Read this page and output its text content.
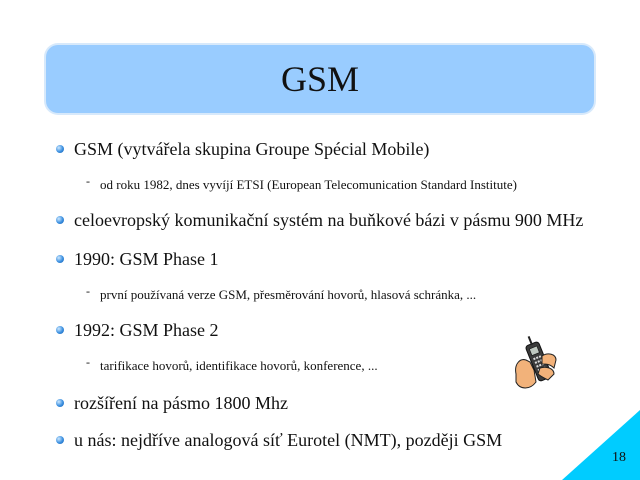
GSM
GSM (vytvářela skupina Groupe Spécial Mobile)
- od roku 1982, dnes vyvíjí ETSI (European Telecomunication Standard Institute)
celoevropský komunikační systém na buňkové bázi v pásmu 900 MHz
1990: GSM Phase 1
- první používaná verze GSM, přesměrování hovorů, hlasová schránka, ...
1992: GSM Phase 2
- tarifikace hovorů, identifikace hovorů, konference, ...
rozšíření na pásmo 1800 Mhz
u nás: nejdříve analogová síť Eurotel (NMT), později GSM
18
